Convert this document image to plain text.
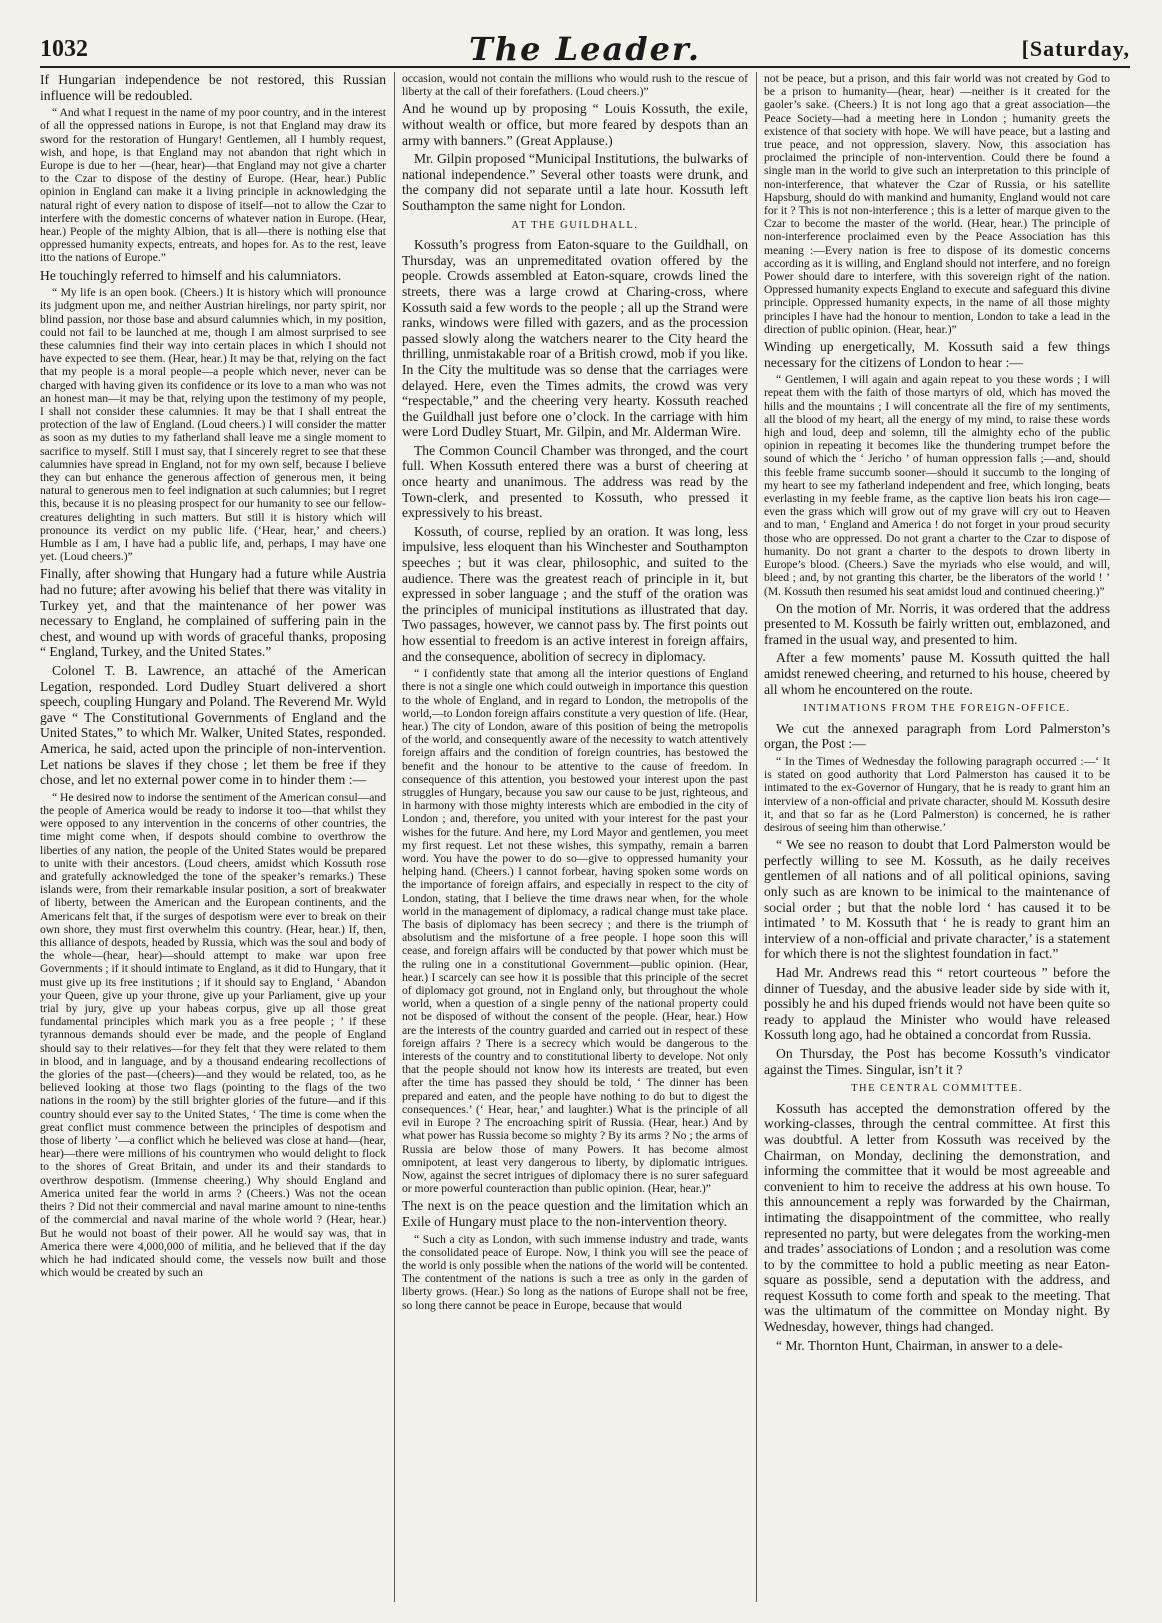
1032	The Leader.	[Saturday,

If Hungarian independence be not restored, this Russian influence will be redoubled.

“ And what I request in the name of my poor country, and in the interest of all the oppressed nations in Europe, is not that England may draw its sword for the restoration of Hungary! Gentlemen, all I humbly request, wish, and hope, is that England may not abandon that right which in Europe is due to her —(hear, hear)—that England may not give a charter to the Czar to dispose of the destiny of Europe. (Hear, hear.) Public opinion in England can make it a living principle in acknowledging the natural right of every nation to dispose of itself—not to allow the Czar to interfere with the domestic concerns of whatever nation in Europe. (Hear, hear.) People of the mighty Albion, that is all—there is nothing else that oppressed humanity expects, entreats, and hopes for. As to the rest, leave itto the nations of Europe.”

He touchingly referred to himself and his calumniators.

“ My life is an open book. (Cheers.) It is history which will pronounce its judgment upon me, and neither Austrian hirelings, nor party spirit, nor blind passion, nor those base and absurd calumnies which, in my position, could not fail to be launched at me, though I am almost surprised to see these calumnies find their way into certain places in which I should not have expected to see them. (Hear, hear.) It may be that, relying on the fact that my people is a moral people—a people which never, never can be charged with having given its confidence or its love to a man who was not an honest man—it may be that, relying upon the testimony of my people, I shall not consider these calumnies. It may be that I shall entreat the protection of the law of England. (Loud cheers.) I will consider the matter as soon as my duties to my fatherland shall leave me a single moment to sacrifice to myself. Still I must say, that I sincerely regret to see that these calumnies have spread in England, not for my own self, because I believe they can but enhance the generous affection of generous men, it being natural to generous men to feel indignation at such calumnies; but I regret this, because it is no pleasing prospect for our humanity to see our fellow-creatures delighting in such matters. But still it is history which will pronounce its verdict on my public life. (‘Hear, hear,’ and cheers.) Humble as I am, I have had a public life, and, perhaps, I may have one yet. (Loud cheers.)”

Finally, after showing that Hungary had a future while Austria had no future; after avowing his belief that there was vitality in Turkey yet, and that the maintenance of her power was necessary to England, he complained of suffering pain in the chest, and wound up with words of graceful thanks, proposing “ England, Turkey, and the United States.”

Colonel T. B. Lawrence, an attaché of the American Legation, responded. Lord Dudley Stuart delivered a short speech, coupling Hungary and Poland. The Reverend Mr. Wyld gave “ The Constitutional Governments of England and the United States,” to which Mr. Walker, United States, responded. America, he said, acted upon the principle of non-intervention. Let nations be slaves if they chose ; let them be free if they chose, and let no external power come in to hinder them :—

“ He desired now to indorse the sentiment of the American consul—and the people of America would be ready to indorse it too—that whilst they were opposed to any intervention in the concerns of other countries, the time might come when, if despots should combine to overthrow the liberties of any nation, the people of the United States would be prepared to unite with their ancestors. (Loud cheers, amidst which Kossuth rose and gratefully acknowledged the tone of the speaker’s remarks.) These islands were, from their remarkable insular position, a sort of breakwater of liberty, between the American and the European continents, and the Americans felt that, if the surges of despotism were ever to break on their own shore, they must first overwhelm this country. (Hear, hear.) If, then, this alliance of despots, headed by Russia, which was the soul and body of the whole—(hear, hear)—should attempt to make war upon free Governments ; if it should intimate to England, as it did to Hungary, that it must give up its free institutions ; if it should say to England, ‘ Abandon your Queen, give up your throne, give up your Parliament, give up your trial by jury, give up your habeas corpus, give up all those great fundamental principles which mark you as a free people ; ’ if these tyrannous demands should ever be made, and the people of England should say to their relatives—for they felt that they were related to them in blood, and in language, and by a thousand endearing recollections of the glories of the past—(cheers)—and they would be related, too, as he believed looking at those two flags (pointing to the flags of the two nations in the room) by the still brighter glories of the future—and if this country should ever say to the United States, ‘ The time is come when the great conflict must commence between the principles of despotism and those of liberty ’—a conflict which he believed was close at hand—(hear, hear)—there were millions of his countrymen who would delight to flock to the shores of Great Britain, and under its and their standards to overthrow despotism. (Immense cheering.) Why should England and America united fear the world in arms ? (Cheers.) Was not the ocean theirs ? Did not their commercial and naval marine amount to nine-tenths of the commercial and naval marine of the whole world ? (Hear, hear.) But he would not boast of their power. All he would say was, that in America there were 4,000,000 of militia, and he believed that if the day which he had indicated should come, the vessels now built and those which would be created by such an

occasion, would not contain the millions who would rush to the rescue of liberty at the call of their forefathers. (Loud cheers.)”

And he wound up by proposing “ Louis Kossuth, the exile, without wealth or office, but more feared by despots than an army with banners.” (Great Applause.)

Mr. Gilpin proposed “Municipal Institutions, the bulwarks of national independence.” Several other toasts were drunk, and the company did not separate until a late hour. Kossuth left Southampton the same night for London.

AT THE GUILDHALL.

Kossuth’s progress from Eaton-square to the Guildhall, on Thursday, was an unpremeditated ovation offered by the people. Crowds assembled at Eaton-square, crowds lined the streets, there was a large crowd at Charing-cross, where Kossuth said a few words to the people ; all up the Strand were ranks, windows were filled with gazers, and as the procession passed slowly along the watchers nearer to the City heard the thrilling, unmistakable roar of a British crowd, mob if you like. In the City the multitude was so dense that the carriages were delayed. Here, even the Times admits, the crowd was very “respectable,” and the cheering very hearty. Kossuth reached the Guildhall just before one o’clock. In the carriage with him were Lord Dudley Stuart, Mr. Gilpin, and Mr. Alderman Wire.

The Common Council Chamber was thronged, and the court full. When Kossuth entered there was a burst of cheering at once hearty and unanimous. The address was read by the Town-clerk, and presented to Kossuth, who pressed it expressively to his breast.

Kossuth, of course, replied by an oration. It was long, less impulsive, less eloquent than his Winchester and Southampton speeches ; but it was clear, philosophic, and suited to the audience. There was the greatest reach of principle in it, but expressed in sober language ; and the stuff of the oration was the principles of municipal institutions as illustrated that day. Two passages, however, we cannot pass by. The first points out how essential to freedom is an active interest in foreign affairs, and the consequence, abolition of secrecy in diplomacy.

“ I confidently state that among all the interior questions of England there is not a single one which could outweigh in importance this question to the whole of England, and in regard to London, the metropolis of the world,—to London foreign affairs constitute a very question of life. (Hear, hear.) The city of London, aware of this position of being the metropolis of the world, and consequently aware of the necessity to watch attentively foreign affairs and the condition of foreign countries, has bestowed the benefit and the honour to be attentive to the cause of freedom. In consequence of this attention, you bestowed your interest upon the past struggles of Hungary, because you saw our cause to be just, righteous, and in harmony with those mighty interests which are embodied in the city of London ; and, therefore, you united with your interest for the past your wishes for the future. And here, my Lord Mayor and gentlemen, you meet my first request. Let not these wishes, this sympathy, remain a barren word. You have the power to do so—give to oppressed humanity your helping hand. (Cheers.) I cannot forbear, having spoken some words on the importance of foreign affairs, and especially in respect to the city of London, stating, that I believe the time draws near when, for the whole world in the management of diplomacy, a radical change must take place. The basis of diplomacy has been secrecy ; and there is the triumph of absolutism and the misfortune of a free people. I hope soon this will cease, and foreign affairs will be conducted by that power which must be the ruling one in a constitutional Government—public opinion. (Hear, hear.) I scarcely can see how it is possible that this principle of the secret of diplomacy got ground, not in England only, but throughout the whole world, when a question of a single penny of the national property could not be disposed of without the consent of the people. (Hear, hear.) How are the interests of the country guarded and carried out in respect of these foreign affairs ? There is a secrecy which would be dangerous to the interests of the country and to constitutional liberty to develope. Not only that the people should not know how its interests are treated, but even after the time has passed they should be told, ‘ The dinner has been prepared and eaten, and the people have nothing to do but to digest the consequences.’ (‘ Hear, hear,’ and laughter.) What is the principle of all evil in Europe ? The encroaching spirit of Russia. (Hear, hear.) And by what power has Russia become so mighty ? By its arms ? No ; the arms of Russia are below those of many Powers. It has become almost omnipotent, at least very dangerous to liberty, by diplomatic intrigues. Now, against the secret intrigues of diplomacy there is no surer safeguard or more powerful counteraction than public opinion. (Hear, hear.)”

The next is on the peace question and the limitation which an Exile of Hungary must place to the non-intervention theory.

“ Such a city as London, with such immense industry and trade, wants the consolidated peace of Europe. Now, I think you will see the peace of the world is only possible when the nations of the world will be contented. The contentment of the nations is such a tree as only in the garden of liberty grows. (Hear.) So long as the nations of Europe shall not be free, so long there cannot be peace in Europe, because that would

not be peace, but a prison, and this fair world was not created by God to be a prison to humanity—(hear, hear) —neither is it created for the gaoler’s sake. (Cheers.) It is not long ago that a great association—the Peace Society—had a meeting here in London ; humanity greets the existence of that society with hope. We will have peace, but a lasting and true peace, and not oppression, slavery. Now, this association has proclaimed the principle of non-intervention. Could there be found a single man in the world to give such an interpretation to this principle of non-interference, that whatever the Czar of Russia, or his satellite Hapsburg, should do with mankind and humanity, England would not care for it ? This is not non-interference ; this is a letter of marque given to the Czar to become the master of the world. (Hear, hear.) The principle of non-interference proclaimed even by the Peace Association has this meaning :—Every nation is free to dispose of its domestic concerns according as it is willing, and England should not interfere, and no foreign Power should dare to interfere, with this sovereign right of the nation. Oppressed humanity expects England to execute and safeguard this divine principle. Oppressed humanity expects, in the name of all those mighty principles I have had the honour to mention, London to take a lead in the direction of public opinion. (Hear, hear.)”

Winding up energetically, M. Kossuth said a few things necessary for the citizens of London to hear :—

“ Gentlemen, I will again and again repeat to you these words ; I will repeat them with the faith of those martyrs of old, which has moved the hills and the mountains ; I will concentrate all the fire of my sentiments, all the blood of my heart, all the energy of my mind, to raise these words high and loud, deep and solemn, till the almighty echo of the public opinion in repeating it becomes like the thundering trumpet before the sound of which the ‘ Jericho ’ of human oppression falls ;—and, should this feeble frame succumb sooner—should it succumb to the longing of my heart to see my fatherland independent and free, which longing, beats everlasting in my feeble frame, as the captive lion beats his iron cage—even the grass which will grow out of my grave will cry out to Heaven and to man, ‘ England and America ! do not forget in your proud security those who are oppressed. Do not grant a charter to the Czar to dispose of humanity. Do not grant a charter to the despots to drown liberty in Europe’s blood. (Cheers.) Save the myriads who else would, and will, bleed ; and, by not granting this charter, be the liberators of the world ! ’ (M. Kossuth then resumed his seat amidst loud and continued cheering.)”

On the motion of Mr. Norris, it was ordered that the address presented to M. Kossuth be fairly written out, emblazoned, and framed in the usual way, and presented to him.

After a few moments’ pause M. Kossuth quitted the hall amidst renewed cheering, and returned to his house, cheered by all whom he encountered on the route.

INTIMATIONS FROM THE FOREIGN-OFFICE.

We cut the annexed paragraph from Lord Palmerston’s organ, the Post :—

“ In the Times of Wednesday the following paragraph occurred :—‘ It is stated on good authority that Lord Palmerston has caused it to be intimated to the ex-Governor of Hungary, that he is ready to grant him an interview of a non-official and private character, should M. Kossuth desire it, and that so far as he (Lord Palmerston) is concerned, he is rather desirous of seeing him than otherwise.’

“ We see no reason to doubt that Lord Palmerston would be perfectly willing to see M. Kossuth, as he daily receives gentlemen of all nations and of all political opinions, saving only such as are known to be inimical to the maintenance of social order ; but that the noble lord ‘ has caused it to be intimated ’ to M. Kossuth that ‘ he is ready to grant him an interview of a non-official and private character,’ is a statement for which there is not the slightest foundation in fact.”

Had Mr. Andrews read this “ retort courteous ” before the dinner of Tuesday, and the abusive leader side by side with it, possibly he and his duped friends would not have been quite so ready to applaud the Minister who would have released Kossuth long ago, had he obtained a concordat from Russia.

On Thursday, the Post has become Kossuth’s vindicator against the Times. Singular, isn’t it ?

THE CENTRAL COMMITTEE.

Kossuth has accepted the demonstration offered by the working-classes, through the central committee. At first this was doubtful. A letter from Kossuth was received by the Chairman, on Monday, declining the demonstration, and informing the committee that it would be most agreeable and convenient to him to receive the address at his own house. To this announcement a reply was forwarded by the Chairman, intimating the disappointment of the committee, who really represented no party, but were delegates from the working-men and trades’ associations of London ; and a resolution was come to by the committee to hold a public meeting as near Eaton-square as possible, send a deputation with the address, and request Kossuth to come forth and speak to the meeting. That was the ultimatum of the committee on Monday night. By Wednesday, however, things had changed.

“ Mr. Thornton Hunt, Chairman, in answer to a dele-
